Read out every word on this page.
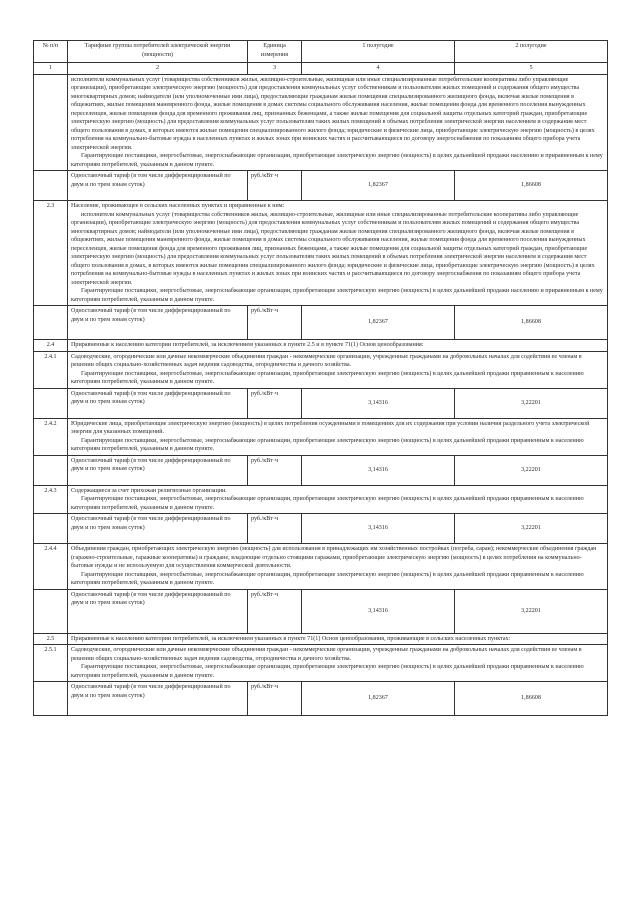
№ п/п	Тарифные группы потребителей электрической энергии (мощности)	Единица измерения	1 полугодие	2 полугодие
1	2	3	4	5

	исполнители коммунальных услуг (товарищества собственников жилья, жилищно-строительные, жилищные или иные специализированные потребительские кооперативы либо управляющие организации), приобретающие электрическую энергию (мощность) для предоставления коммунальных услуг собственникам и пользователям жилых помещений и содержания общего имущества многоквартирных домов; наймодатели (или уполномоченные ими лица), предоставляющие гражданам жилые помещения специализированного жилищного фонда, включая жилые помещения в общежитиях, жилые помещения маневренного фонда, жилые помещения в домах системы социального обслуживания населения, жилые помещения фонда для временного поселения вынужденных переселенцев, жилые помещения фонда для временного проживания лиц, признанных беженцами, а также жилые помещения для социальной защиты отдельных категорий граждан, приобретающие электрическую энергию (мощность) для предоставления коммунальных услуг пользователям таких жилых помещений в объемах потребления электрической энергии населением и содержания мест общего пользования в домах, в которых имеются жилые помещения специализированного жилого фонда; юридические и физические лица, приобретающие электрическую энергию (мощность) в целях потребления на коммунально-бытовые нужды в населенных пунктах и жилых зонах при воинских частях и рассчитывающиеся по договору энергоснабжения по показаниям общего прибора учета электрической энергии.
Гарантирующие поставщики, энергосбытовые, энергоснабжающие организации, приобретающие электрическую энергию (мощность) в целях дальнейшей продажи населению и приравненным к нему категориям потребителей, указанным в данном пункте.			

	Одноставочный тариф (в том числе дифференцированный по двум и по трем зонам суток)	руб./кВт·ч	1,82367	1,86608
2.3	Население, проживающее в сельских населенных пунктах и приравненные к ним:
исполнители коммунальных услуг (товарищества собственников жилья, жилищно-строительные, жилищные или иные специализированные потребительские кооперативы либо управляющие организации), приобретающие электрическую энергию (мощность) для предоставления коммунальных услуг собственникам и пользователям жилых помещений и содержания общего имущества многоквартирных домов; наймодатели (или уполномоченные ими лица), предоставляющие гражданам жилые помещения специализированного жилищного фонда, включая жилые помещения в общежитиях, жилые помещения маневренного фонда, жилые помещения в домах системы социального обслуживания населения, жилые помещения фонда для временного поселения вынужденных переселенцев, жилые помещения фонда для временного проживания лиц, признанных беженцами, а также жилые помещения для социальной защиты отдельных категорий граждан, приобретающие электрическую энергию (мощность) для предоставления коммунальных услуг пользователям таких жилых помещений в объемах потребления электрической энергии населением и содержания мест общего пользования в домах, в которых имеются жилые помещения специализированного жилого фонда; юридические и физические лица, приобретающие электрическую энергию (мощность) в целях потребления на коммунально-бытовые нужды в населенных пунктах и жилых зонах при воинских частях и рассчитывающиеся по договору энергоснабжения по показаниям общего прибора учета электрической энергии.
Гарантирующие поставщики, энергосбытовые, энергоснабжающие организации, приобретающие электрическую энергию (мощность) в целях дальнейшей продажи населению и приравненным к нему категориям потребителей, указанным в данном пункте.			

	Одноставочный тариф (в том числе дифференцированный по двум и по трем зонам суток)	руб./кВт·ч	1,82367	1,86608
2.4	Приравненные к населению категории потребителей, за исключением указанных в пункте 2.5 и в пункте 71(1) Основ ценообразования:			
2.4.1	Садоводческие, огороднические или дачные некоммерческие объединения граждан - некоммерческие организации, учрежденные гражданами на добровольных началах для содействия ее членам в решении общих социально-хозяйственных задач ведения садоводства, огородничества и дачного хозяйства.
Гарантирующие поставщики, энергосбытовые, энергоснабжающие организации, приобретающие электрическую энергию (мощность) в целях дальнейшей продажи приравненным к населению категориям потребителей, указанным в данном пункте.			

	Одноставочный тариф (в том числе дифференцированный по двум и по трем зонам суток)	руб./кВт·ч	3,14316	3,22201
2.4.2	Юридические лица, приобретающие электрическую энергию (мощность) в целях потребления осужденными в помещениях для их содержания при условии наличия раздельного учета электрической энергии для указанных помещений.
Гарантирующие поставщики, энергосбытовые, энергоснабжающие организации, приобретающие электрическую энергию (мощность) в целях дальнейшей продажи приравненным к населению категориям потребителей, указанным в данном пункте.			

	Одноставочный тариф (в том числе дифференцированный по двум и по трем зонам суток)	руб./кВт·ч	3,14316	3,22201
2.4.3	Содержащиеся за счет прихожан религиозные организации.
Гарантирующие поставщики, энергосбытовые, энергоснабжающие организации, приобретающие электрическую энергию (мощность) в целях дальнейшей продажи приравненным к населению категориям потребителей, указанным в данном пункте.			

	Одноставочный тариф (в том числе дифференцированный по двум и по трем зонам суток)	руб./кВт·ч	3,14316	3,22201
2.4.4	Объединения граждан, приобретающих электрическую энергию (мощность) для использования в принадлежащих им хозяйственных постройках (погреба, сараи); некоммерческие объединения граждан (гаражно-строительные, гаражные кооперативы) и граждане, владеющие отдельно стоящими гаражами, приобретающие электрическую энергию (мощность) в целях потребления на коммунально-бытовые нужды и не используемую для осуществления коммерческой деятельности.
Гарантирующие поставщики, энергосбытовые, энергоснабжающие организации, приобретающие электрическую энергию (мощность) в целях дальнейшей продажи приравненным к населению категориям потребителей, указанным в данном пункте.			

	Одноставочный тариф (в том числе дифференцированный по двум и по трем зонам суток)	руб./кВт·ч	3,14316	3,22201
2.5	Приравненные к населению категории потребителей, за исключением указанных в пункте 71(1) Основ ценообразования, проживающие в сельских населенных пунктах:			
2.5.1	Садоводческие, огороднические или дачные некоммерческие объединения граждан - некоммерческие организации, учрежденные гражданами на добровольных началах для содействия ее членам в решении общих социально-хозяйственных задач ведения садоводства, огородничества и дачного хозяйства.
Гарантирующие поставщики, энергосбытовые, энергоснабжающие организации, приобретающие электрическую энергию (мощность) в целях дальнейшей продажи приравненным к населению категориям потребителей, указанным в данном пункте.			

	Одноставочный тариф (в том числе дифференцированный по двум и по трем зонам суток)	руб./кВт·ч	1,82367	1,86608
